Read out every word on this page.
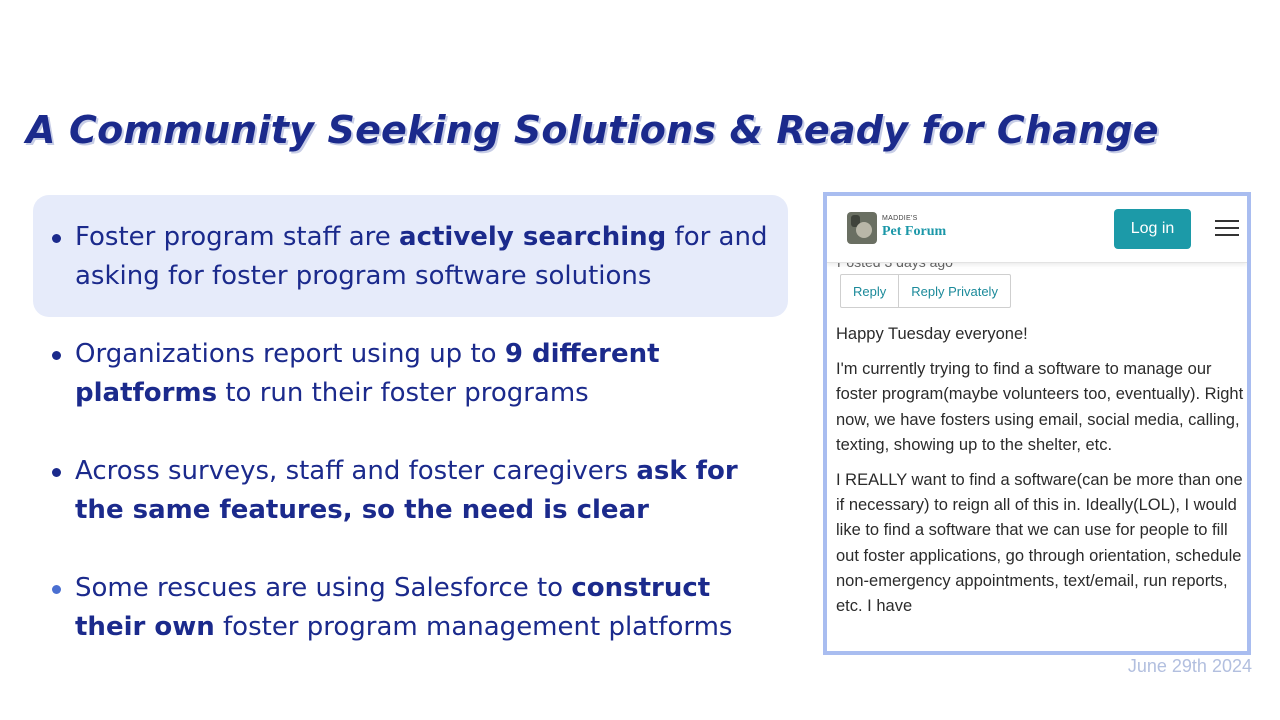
A Community Seeking Solutions & Ready for Change
Foster program staff are actively searching for and asking for foster program software solutions
Organizations report using up to 9 different platforms to run their foster programs
Across surveys, staff and foster caregivers ask for the same features, so the need is clear
Some rescues are using Salesforce to construct their own foster program management platforms
MADDIE'S
Pet Forum	Log in
Reply	Reply Privately

Happy Tuesday everyone!

I'm currently trying to find a software to manage our foster program(maybe volunteers too, eventually). Right now, we have fosters using email, social media, calling, texting, showing up to the shelter, etc.

I REALLY want to find a software(can be more than one if necessary) to reign all of this in. Ideally(LOL), I would like to find a software that we can use for people to fill out foster applications, go through orientation, schedule non-emergency appointments, text/email, run reports, etc. I have

June 29th 2024
